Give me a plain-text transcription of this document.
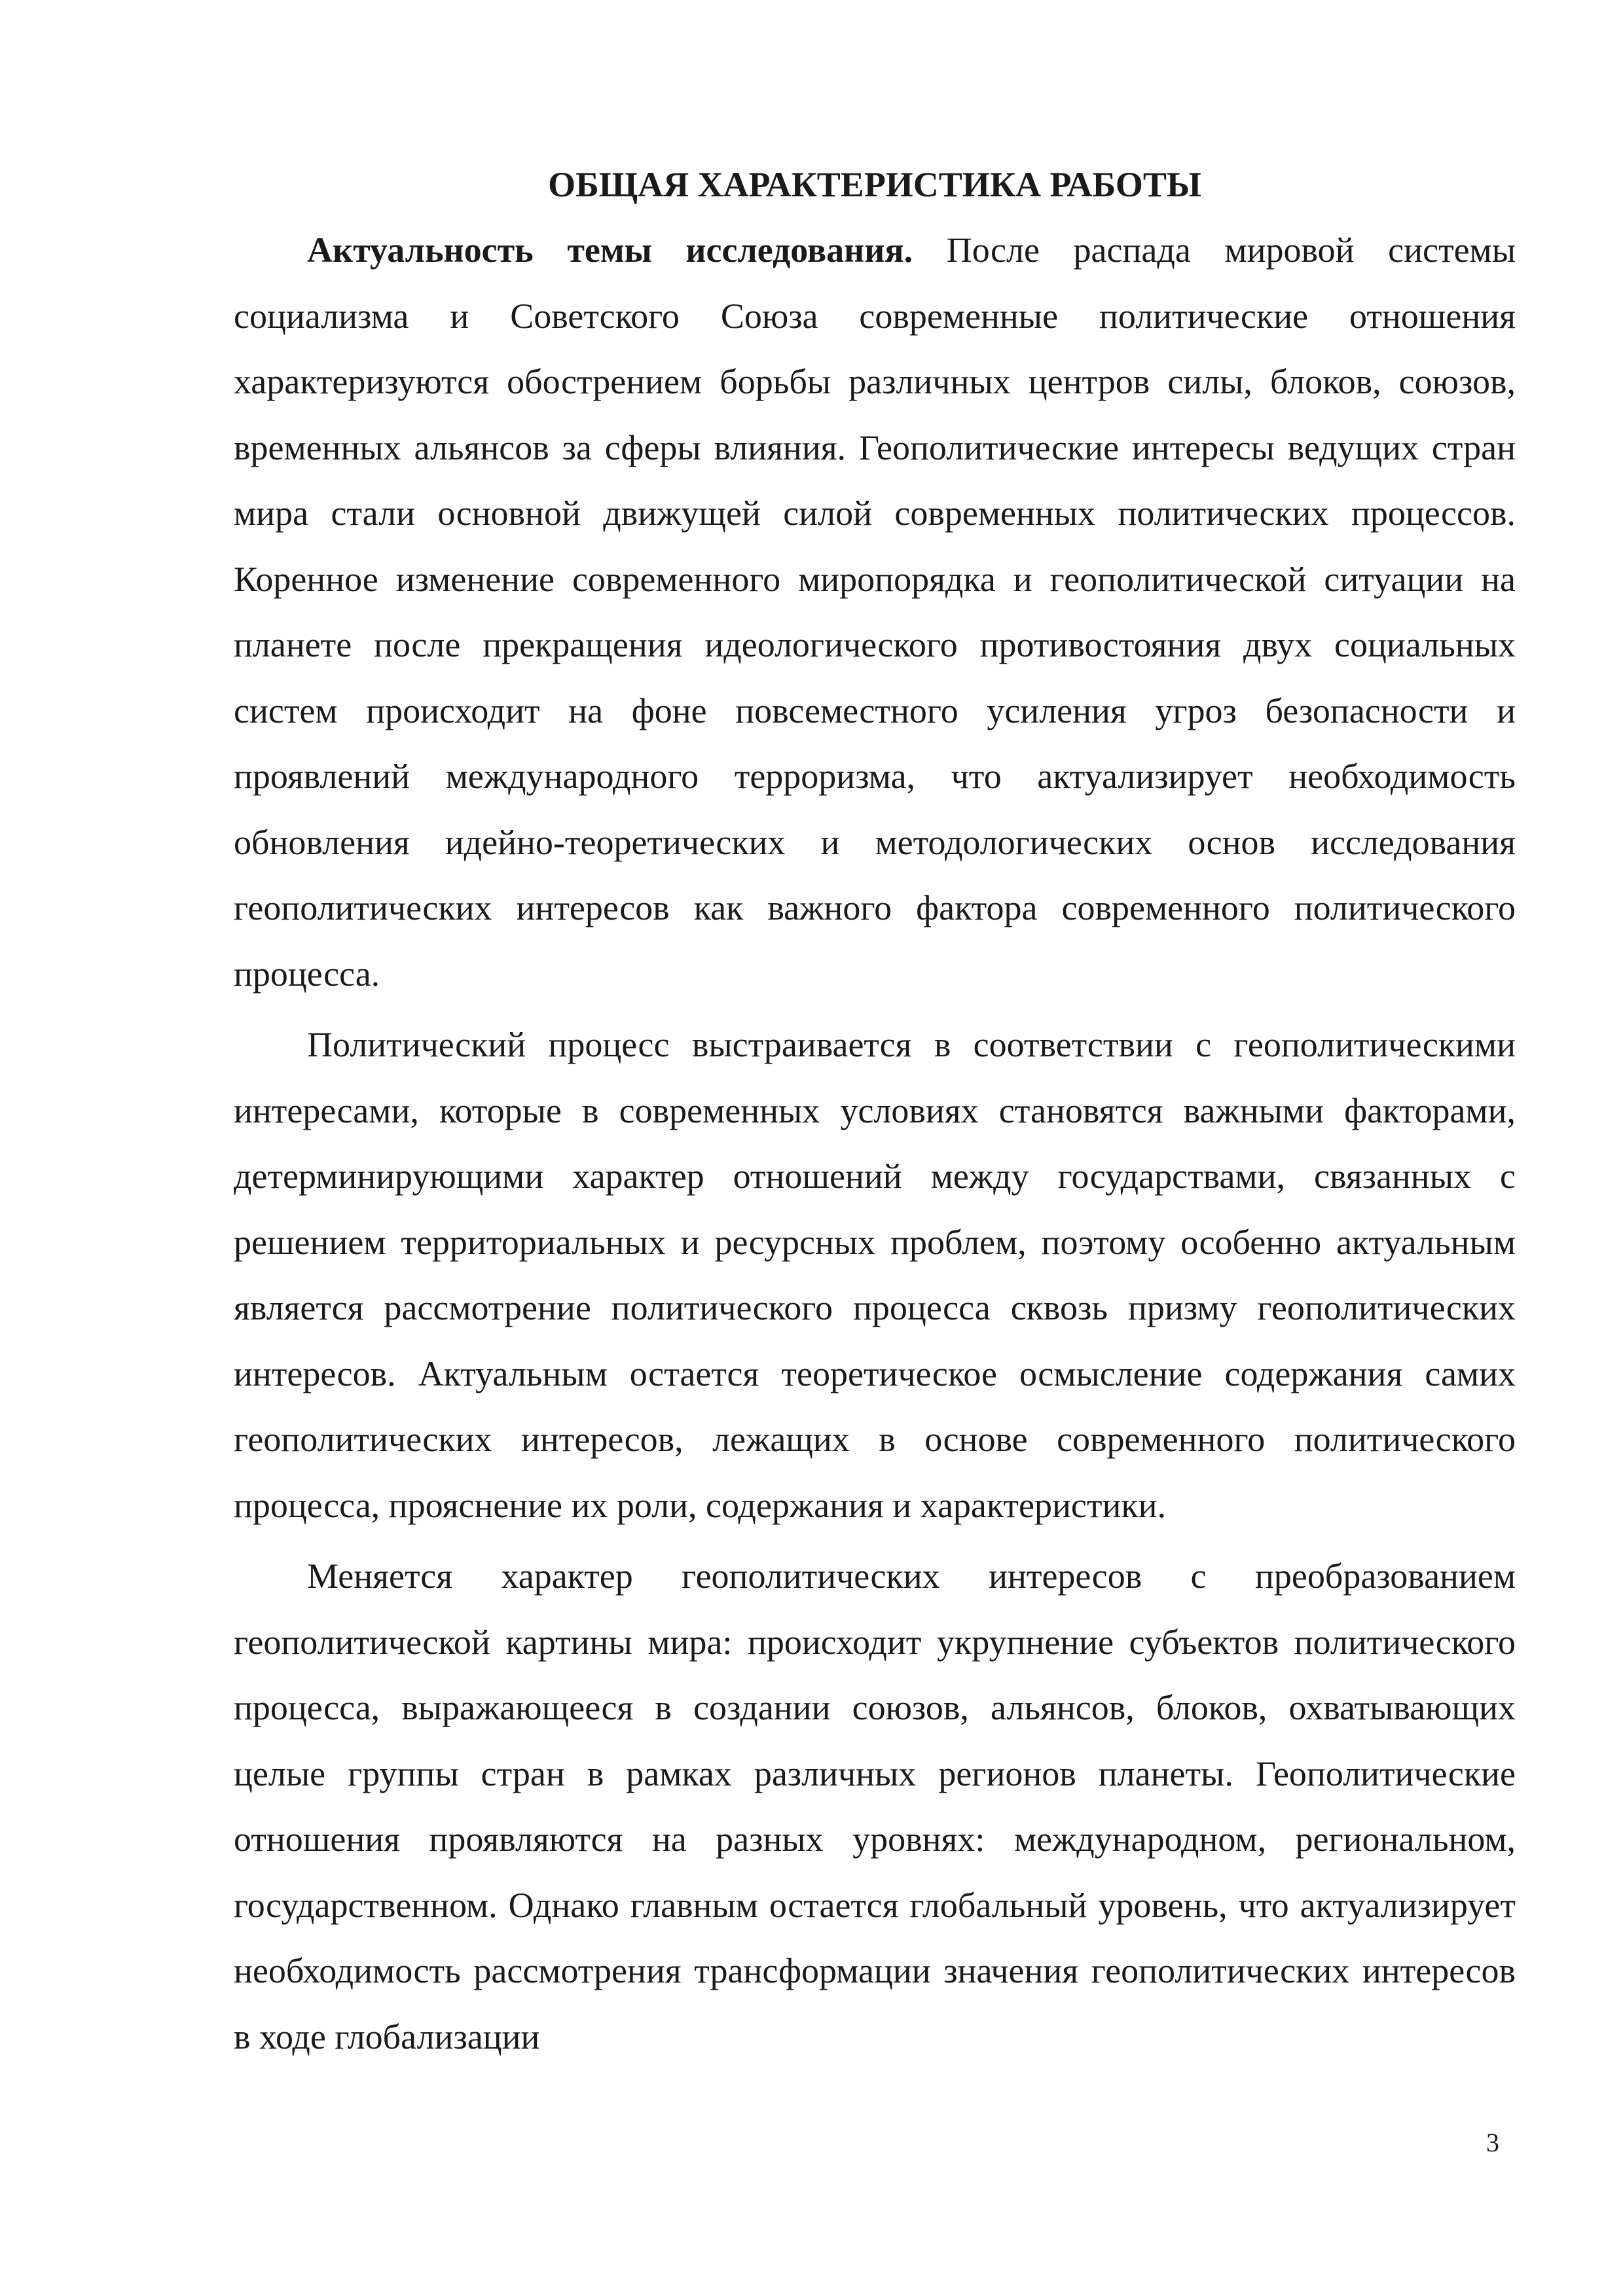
ОБЩАЯ ХАРАКТЕРИСТИКА РАБОТЫ

Актуальность темы исследования. После распада мировой системы социализма и Советского Союза современные политические отношения характеризуются обострением борьбы различных центров силы, блоков, союзов, временных альянсов за сферы влияния. Геополитические интересы ведущих стран мира стали основной движущей силой современных политических процессов. Коренное изменение современного миропорядка и геополитической ситуации на планете после прекращения идеологического противостояния двух социальных систем происходит на фоне повсеместного усиления угроз безопасности и проявлений международного терроризма, что актуализирует необходимость обновления идейно-теоретических и методологических основ исследования геополитических интересов как важного фактора современного политического процесса.

Политический процесс выстраивается в соответствии с геополитическими интересами, которые в современных условиях становятся важными факторами, детерминирующими характер отношений между государствами, связанных с решением территориальных и ресурсных проблем, поэтому особенно актуальным является рассмотрение политического процесса сквозь призму геополитических интересов. Актуальным остается теоретическое осмысление содержания самих геополитических интересов, лежащих в основе современного политического процесса, прояснение их роли, содержания и характеристики.

Меняется характер геополитических интересов с преобразованием геополитической картины мира: происходит укрупнение субъектов политического процесса, выражающееся в создании союзов, альянсов, блоков, охватывающих целые группы стран в рамках различных регионов планеты. Геополитические отношения проявляются на разных уровнях: международном, региональном, государственном. Однако главным остается глобальный уровень, что актуализирует необходимость рассмотрения трансформации значения геополитических интересов в ходе глобализации

3
